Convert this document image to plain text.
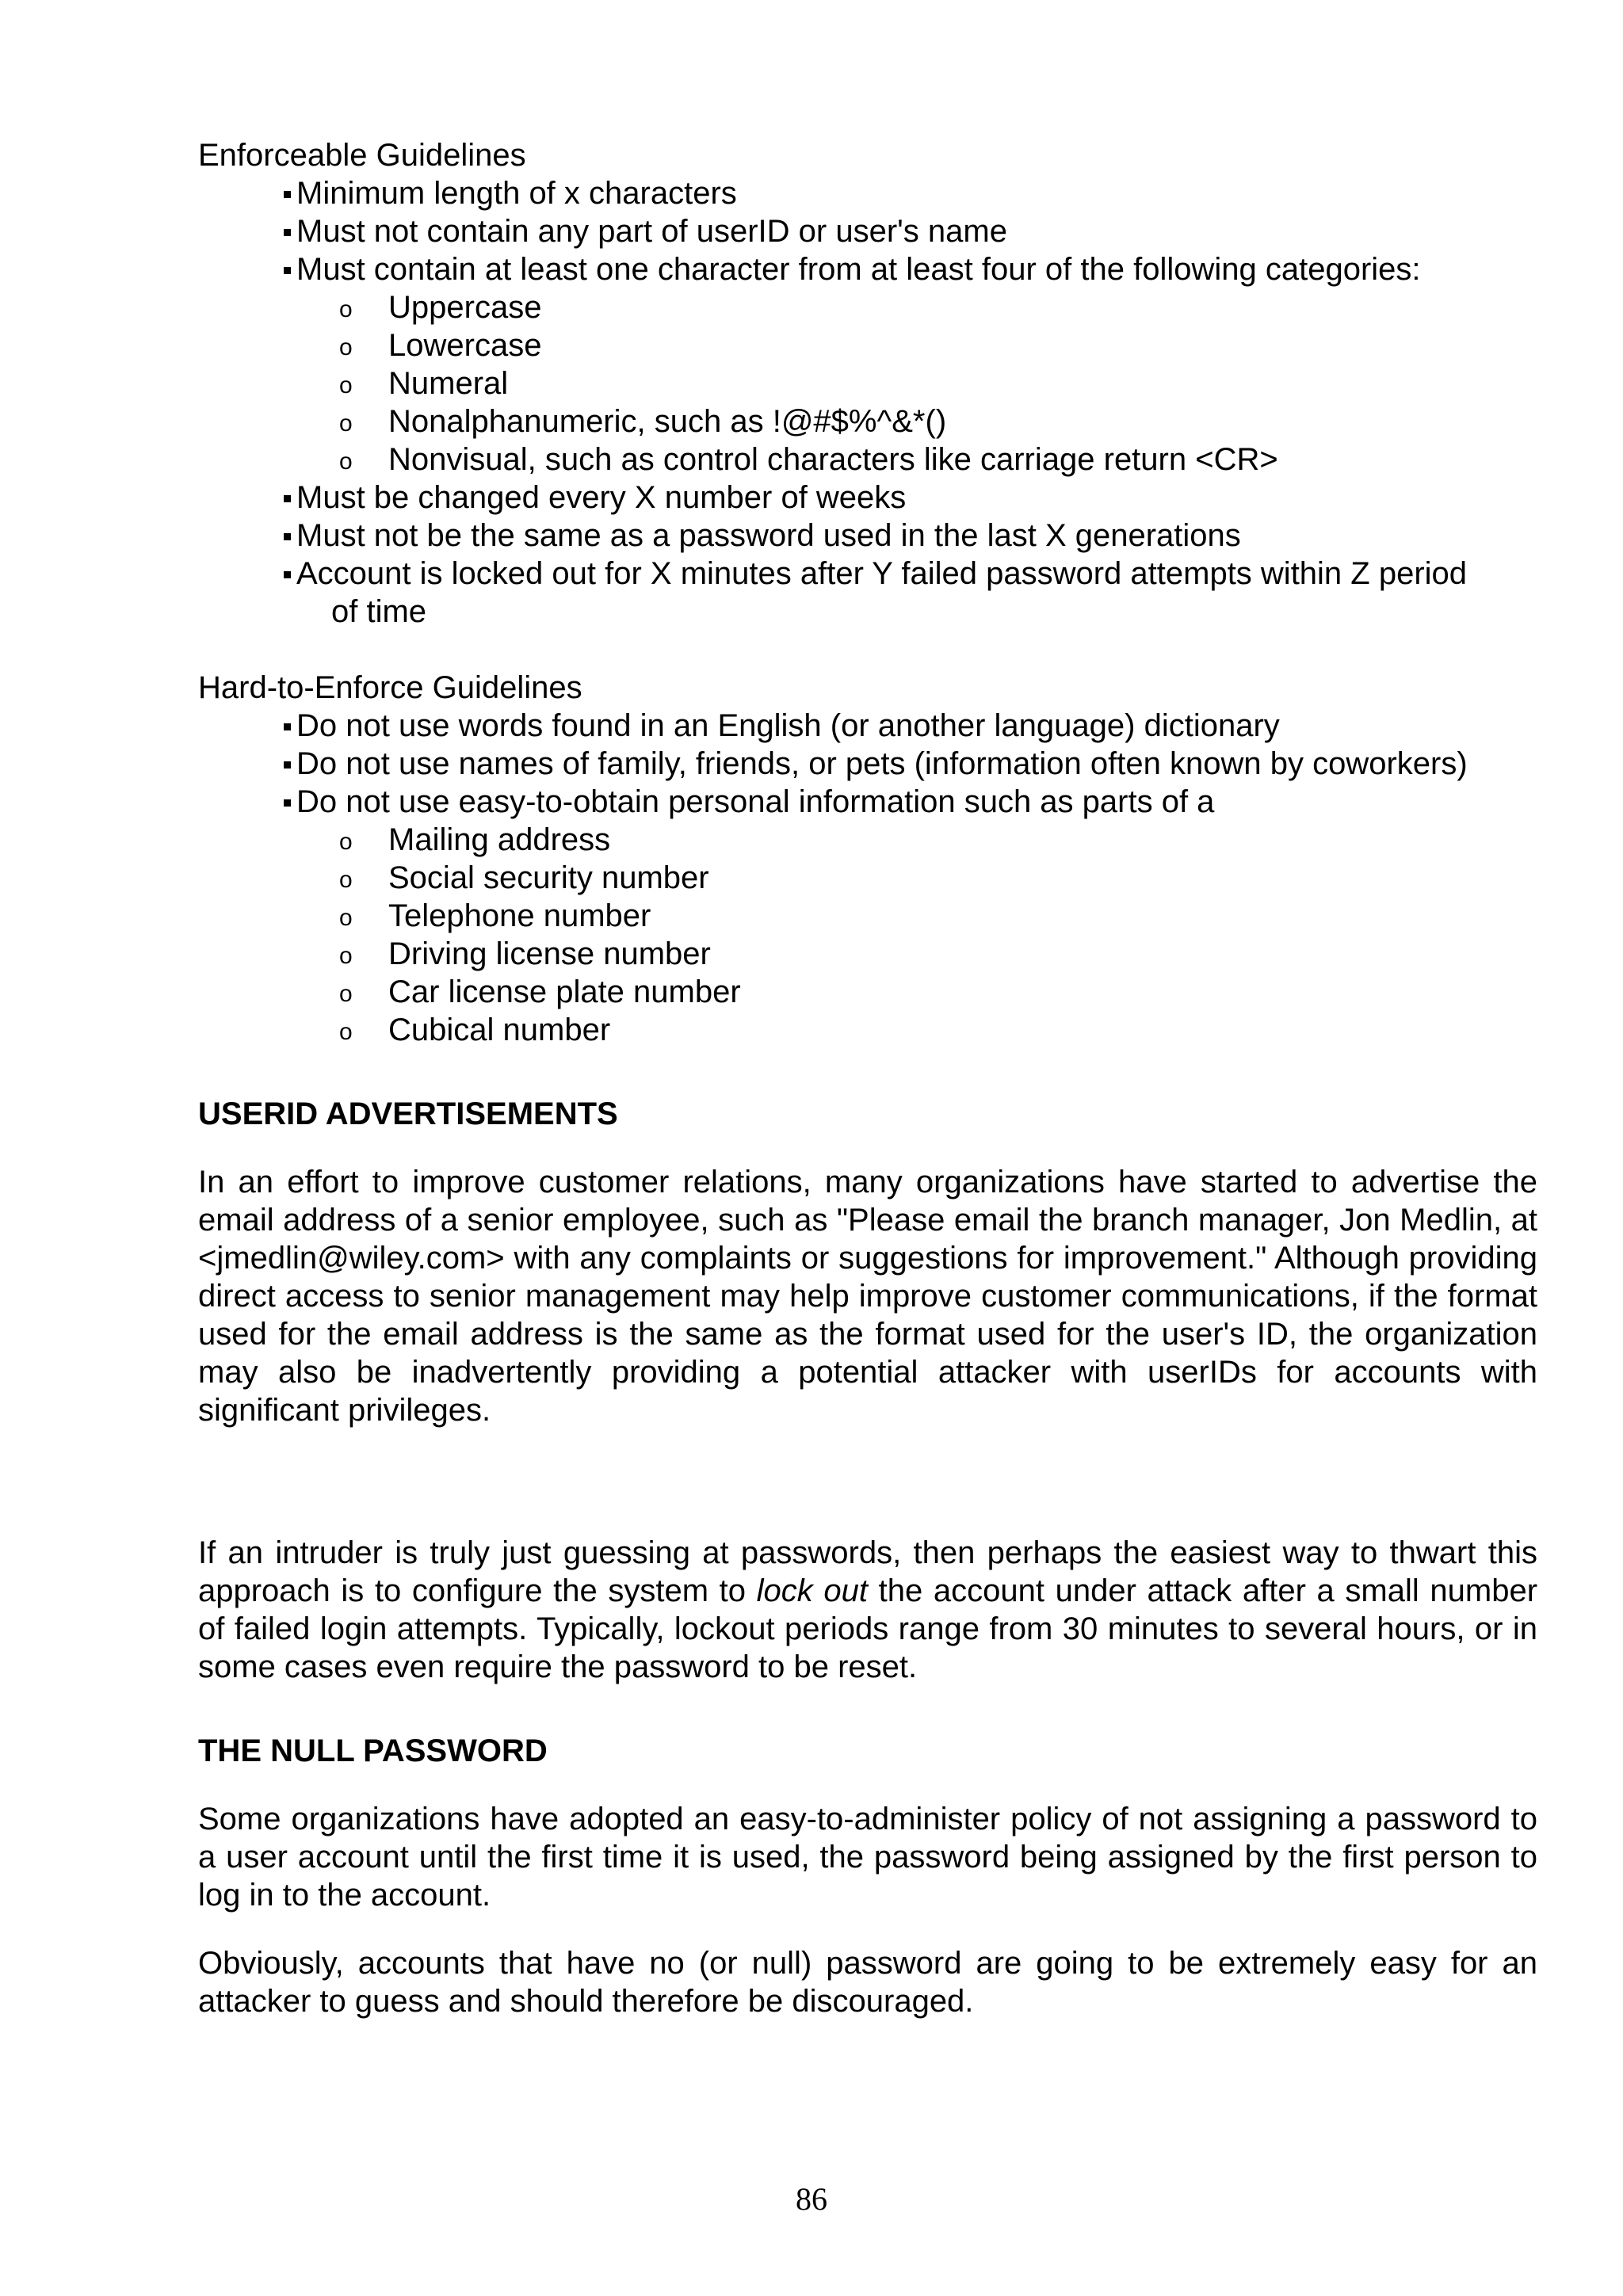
Enforceable Guidelines

Minimum length of x characters
Must not contain any part of userID or user's name
Must contain at least one character from at least four of the following categories:
o Uppercase
o Lowercase
o Numeral
o Nonalphanumeric, such as !@#$%^&*()
o Nonvisual, such as control characters like carriage return <CR>
Must be changed every X number of weeks
Must not be the same as a password used in the last X generations
Account is locked out for X minutes after Y failed password attempts within Z period
of time

Hard-to-Enforce Guidelines

Do not use words found in an English (or another language) dictionary
Do not use names of family, friends, or pets (information often known by coworkers)
Do not use easy-to-obtain personal information such as parts of a
o Mailing address
o Social security number
o Telephone number
o Driving license number
o Car license plate number
o Cubical number
USERID ADVERTISEMENTS

In an effort to improve customer relations, many organizations have started to advertise the email address of a senior employee, such as "Please email the branch manager, Jon Medlin, at <jmedlin@wiley.com> with any complaints or suggestions for improvement." Although providing direct access to senior management may help improve customer communications, if the format used for the email address is the same as the format used for the user's ID, the organization may also be inadvertently providing a potential attacker with userIDs for accounts with significant privileges.

If an intruder is truly just guessing at passwords, then perhaps the easiest way to thwart this approach is to configure the system to lock out the account under attack after a small number of failed login attempts. Typically, lockout periods range from 30 minutes to several hours, or in some cases even require the password to be reset.

THE NULL PASSWORD

Some organizations have adopted an easy-to-administer policy of not assigning a password to a user account until the first time it is used, the password being assigned by the first person to log in to the account.

Obviously, accounts that have no (or null) password are going to be extremely easy for an attacker to guess and should therefore be discouraged.

86
